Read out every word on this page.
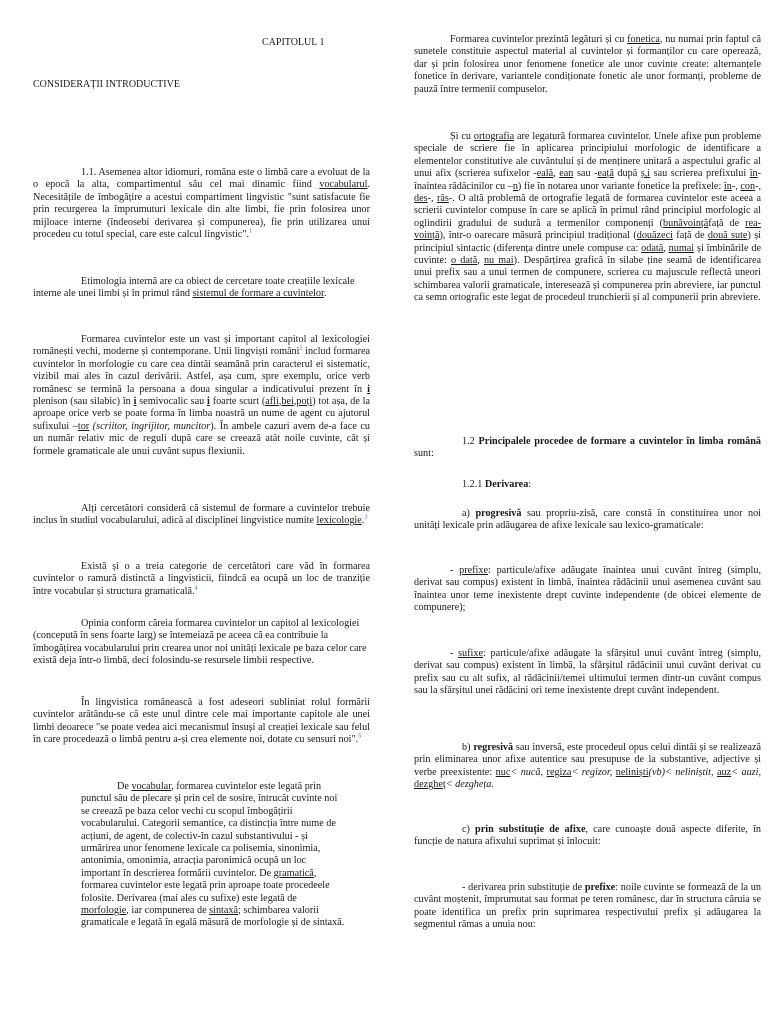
CAPITOLUL 1
CONSIDERAȚII INTRODUCTIVE

1.1. Asemenea altor idiomuri, româna este o limbă care a evoluat de la o epocă la alta, compartimentul său cel mai dinamic fiind vocabularul. Necesitățile de îmbogățire a acestui compartiment lingvistic "sunt satisfacute fie prin recurgerea la împrumuturi lexicale din alte limbi, fie prin folosirea unor mijloace interne (îndeosebi derivarea și compunerea), fie prin utilizarea unui procedeu cu totul special, care este calcul lingvistic".$^1$

Etimologia internă are ca obiect de cercetare toate creațiile lexicale interne ale unei limbi și în primul rând sistemul de formare a cuvintelor.

Formarea cuvintelor este un vast și important capitol al lexicologiei românești vechi, moderne și contemporane. Unii lingviști români$^2$ includ formarea cuvintelor în morfologie cu care cea dintâi seamănă prin caracterul ei sistematic, vizibil mai ales în cazul derivării. Astfel, așa cum, spre exemplu, orice verb românesc se termină la persoana a doua singular a indicativului prezent în i plenison (sau silabic) în i semivocalic sau i foarte scurt (afli,bei,poți) tot așa, de la aproape orice verb se poate forma în limba noastră un nume de agent cu ajutorul sufixului –tor (scriitor, ingrijitor, muncitor). În ambele cazuri avem de-a face cu un număr relativ mic de reguli după care se creează atât noile cuvinte, cât și formele gramaticale ale unui cuvânt supus flexiunii.

Alți cercetători consideră că sistemul de formare a cuvintelor trebuie inclus în studiul vocabularului, adică al disciplinei lingvistice numite lexicologie.$^3$

Există și o a treia categorie de cercetători care văd în formarea cuvintelor o ramură distinctă a lingvisticii, fiindcă ea ocupă un loc de tranziție între vocabular și structura gramaticală.$^4$

Opinia conform căreia formarea cuvintelor un capitol al lexicologiei (concepută în sens foarte larg) se întemeiază pe aceea că ea contribuie la îmbogățirea vocabularului prin crearea unor noi unități lexicale pe baza celor care există deja într-o limbă, deci folosindu-se resursele limbii respective.

În lingvistica românească a fost adeseori subliniat rolul formării cuvintelor arătându-se că este unul dintre cele mai importante capitole ale unei limbi deoarece "se poate vedea aici mecanismul însuși al creației lexicale sau felul în care procedează o limbă pentru a-și crea elemente noi, dotate cu sensuri noi".$^5$

De vocabular, formarea cuvintelor este legată prin punctul său de plecare și prin cel de sosire, întrucât cuvinte noi se creează pe baza celor vechi cu scopul îmbogățirii vocabularului. Categorii semantice, ca distincția între nume de acțiuni, de agent, de colectiv-în cazul substantivului - și urmărirea unor fenomene lexicale ca polisemia, sinonimia, antonimia, omonimia, atracția paronimică ocupă un loc important în descrierea formării cuvintelor. De gramatică, formarea cuvintelor este legată prin aproape toate procedeele folosite. Derivarea (mai ales cu sufixe) este legată de morfologie, iar compunerea de sintaxă; schimbarea valorii gramaticale e legată în egală măsură de morfologie și de sintaxă.

Formarea cuvintelor prezintă legături și cu fonetica, nu numai prin faptul că sunetele constituie aspectul material al cuvintelor și formanților cu care operează, dar și prin folosirea unor fenomene fonetice ale unor cuvinte create: alternanțele fonetice în derivare, variantele condiționate fonetic ale unor formanți, probleme de pauză între termenii compuselor.

Și cu ortografia are legatură formarea cuvintelor. Unele afixe pun probleme speciale de scriere fie în aplicarea principiului morfologic de identificare a elementelor constitutive ale cuvântului și de menținere unitară a aspectului grafic al unui afix (scrierea sufixelor -eală, ean sau -eață după ș,i sau scrierea prefixului în- înaintea rădăcinilor cu –n) fie în notarea unor variante fonetice la prefixele: în-, con-, des-, răs-. O altă problemă de ortografie legată de formarea cuvintelor este aceea a scrierii cuvintelor compuse în care se aplică în primul rând principiul morfologic al oglindirii gradului de sudură a termenilor componenți (bunăvoințăfață de rea-voință), într-o oarecare măsură principiul tradițional (douăzeci față de două sute) și principiul sintactic (diferența dintre unele compuse ca: odată, numai și îmbinările de cuvinte: o dată, nu mai). Despărțirea grafică în silabe ține seamă de identificarea unui prefix sau a unui termen de compunere, scrierea cu majuscule reflectă uneori schimbarea valorii gramaticale, interesează și compunerea prin abreviere, iar punctul ca semn ortografic este legat de procedeul trunchierii și al compunerii prin abreviere.

1.2 Principalele procedee de formare a cuvintelor în limba română sunt:

1.2.1 Derivarea:

a) progresivă sau propriu-zisă, care constă în constituirea unor noi unități lexicale prin adăugarea de afixe lexicale sau lexico-gramaticale:

- prefixe: particule/afixe adăugate înaintea unui cuvânt întreg (simplu, derivat sau compus) existent în limbă, înaintea rădăcinii unui asemenea cuvânt sau înaintea unor teme inexistente drept cuvinte independente (de obicei elemente de compunere);

- sufixe: particule/afixe adăugate la sfârșitul unui cuvânt întreg (simplu, derivat sau compus) existent în limbă, la sfârșitul rădăcinii unui cuvânt derivat cu prefix sau cu alt sufix, al rădăcinii/temei ultimului termen dintr-un cuvânt compus sau la sfârșitul unei rădăcini ori teme inexistente drept cuvânt independent.

b) regresivă sau inversă, este procedeul opus celui dintâi și se realizează prin eliminarea unor afixe autentice sau presupuse de la substantive, adjective și verbe preexistente: nuc< nucă, regiza< regizor, neliniști(vb)< neliniștit, auz< auzi, dezgheț< dezgheța.

c) prin substituție de afixe, care cunoaște două aspecte diferite, în funcție de natura afixului suprimat și înlocuit:

- derivarea prin substituție de prefixe: noile cuvinte se formează de la un cuvânt moștenit, împrumutat sau format pe teren românesc, dar în structura căruia se poate identifica un prefix prin suprimarea respectivului prefix și adăugarea la segmentul rămas a unuia nou:
